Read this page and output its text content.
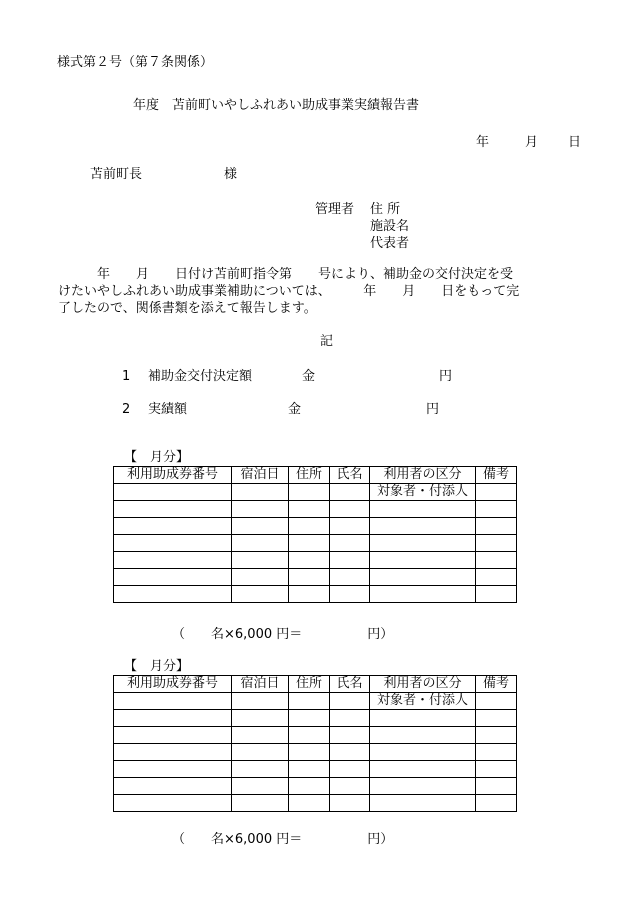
様式第２号（第７条関係）
年度　苫前町いやしふれあい助成事業実績報告書
年	月 日
苫前町長	様
管理者 住 所
施設名
代表者
　　　年　　月　　日付け苫前町指令第　　号により、補助金の交付決定を受
けたいやしふれあい助成事業補助については、　　　年　　月　　日をもって完
了したので、関係書類を添えて報告します。
記
1 補助金交付決定額	金	円
2 実績額	金	円
【　月分】
利用助成券番号	宿泊日	住所	氏名	利用者の区分	備考
				対象者・付添人	

（　　名×6,000 円＝　　　　　円）
【　月分】
利用助成券番号	宿泊日	住所	氏名	利用者の区分	備考
				対象者・付添人	

（　　名×6,000 円＝　　　　　円）
